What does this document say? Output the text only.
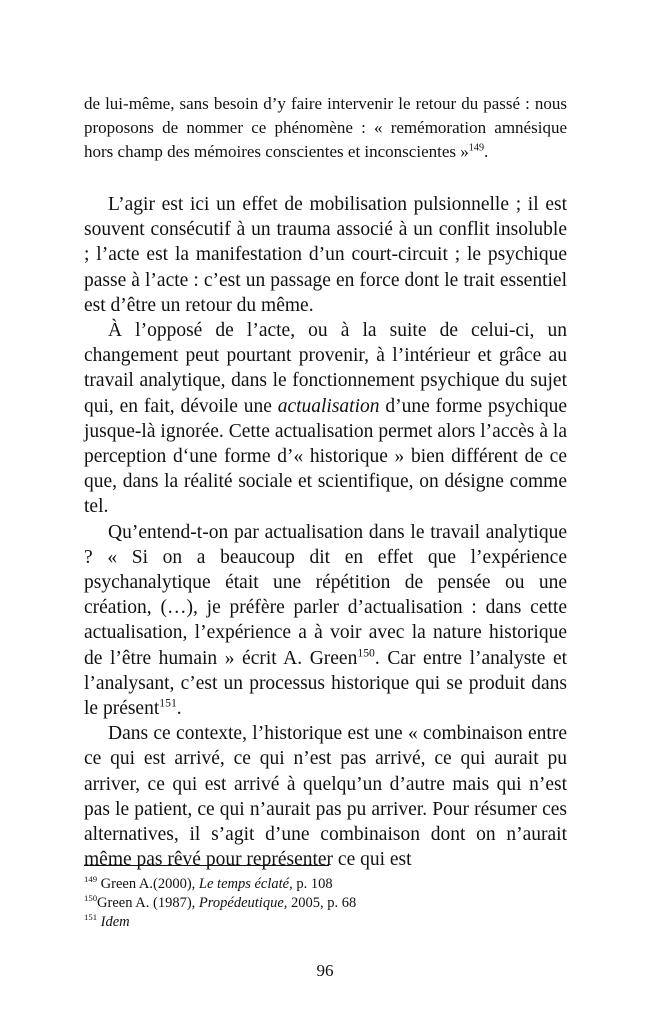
de lui-même, sans besoin d’y faire intervenir le retour du passé : nous proposons de nommer ce phénomène : « remémoration amnésique hors champ des mémoires conscientes et inconscientes »$^{149}$.

L’agir est ici un effet de mobilisation pulsionnelle ; il est souvent consécutif à un trauma associé à un conflit insoluble ; l’acte est la manifestation d’un court-circuit ; le psychique passe à l’acte : c’est un passage en force dont le trait essentiel est d’être un retour du même.

À l’opposé de l’acte, ou à la suite de celui-ci, un changement peut pourtant provenir, à l’intérieur et grâce au travail analytique, dans le fonctionnement psychique du sujet qui, en fait, dévoile une actualisation d’une forme psychique jusque-là ignorée. Cette actualisation permet alors l’accès à la perception d‘une forme d’« historique » bien différent de ce que, dans la réalité sociale et scientifique, on désigne comme tel.

Qu’entend-t-on par actualisation dans le travail analytique ? « Si on a beaucoup dit en effet que l’expérience psychanalytique était une répétition de pensée ou une création, (…), je préfère parler d’actualisation : dans cette actualisation, l’expérience a à voir avec la nature historique de l’être humain » écrit A. Green$^{150}$. Car entre l’analyste et l’analysant, c’est un processus historique qui se produit dans le présent$^{151}$.

Dans ce contexte, l’historique est une « combinaison entre ce qui est arrivé, ce qui n’est pas arrivé, ce qui aurait pu arriver, ce qui est arrivé à quelqu’un d’autre mais qui n’est pas le patient, ce qui n’aurait pas pu arriver. Pour résumer ces alternatives, il s’agit d’une combinaison dont on n’aurait même pas rêvé pour représenter ce qui est

$^{149}$ Green A.(2000), Le temps éclaté, p. 108
$^{150}$Green A. (1987), Propédeutique, 2005, p. 68
$^{151}$ Idem
96
